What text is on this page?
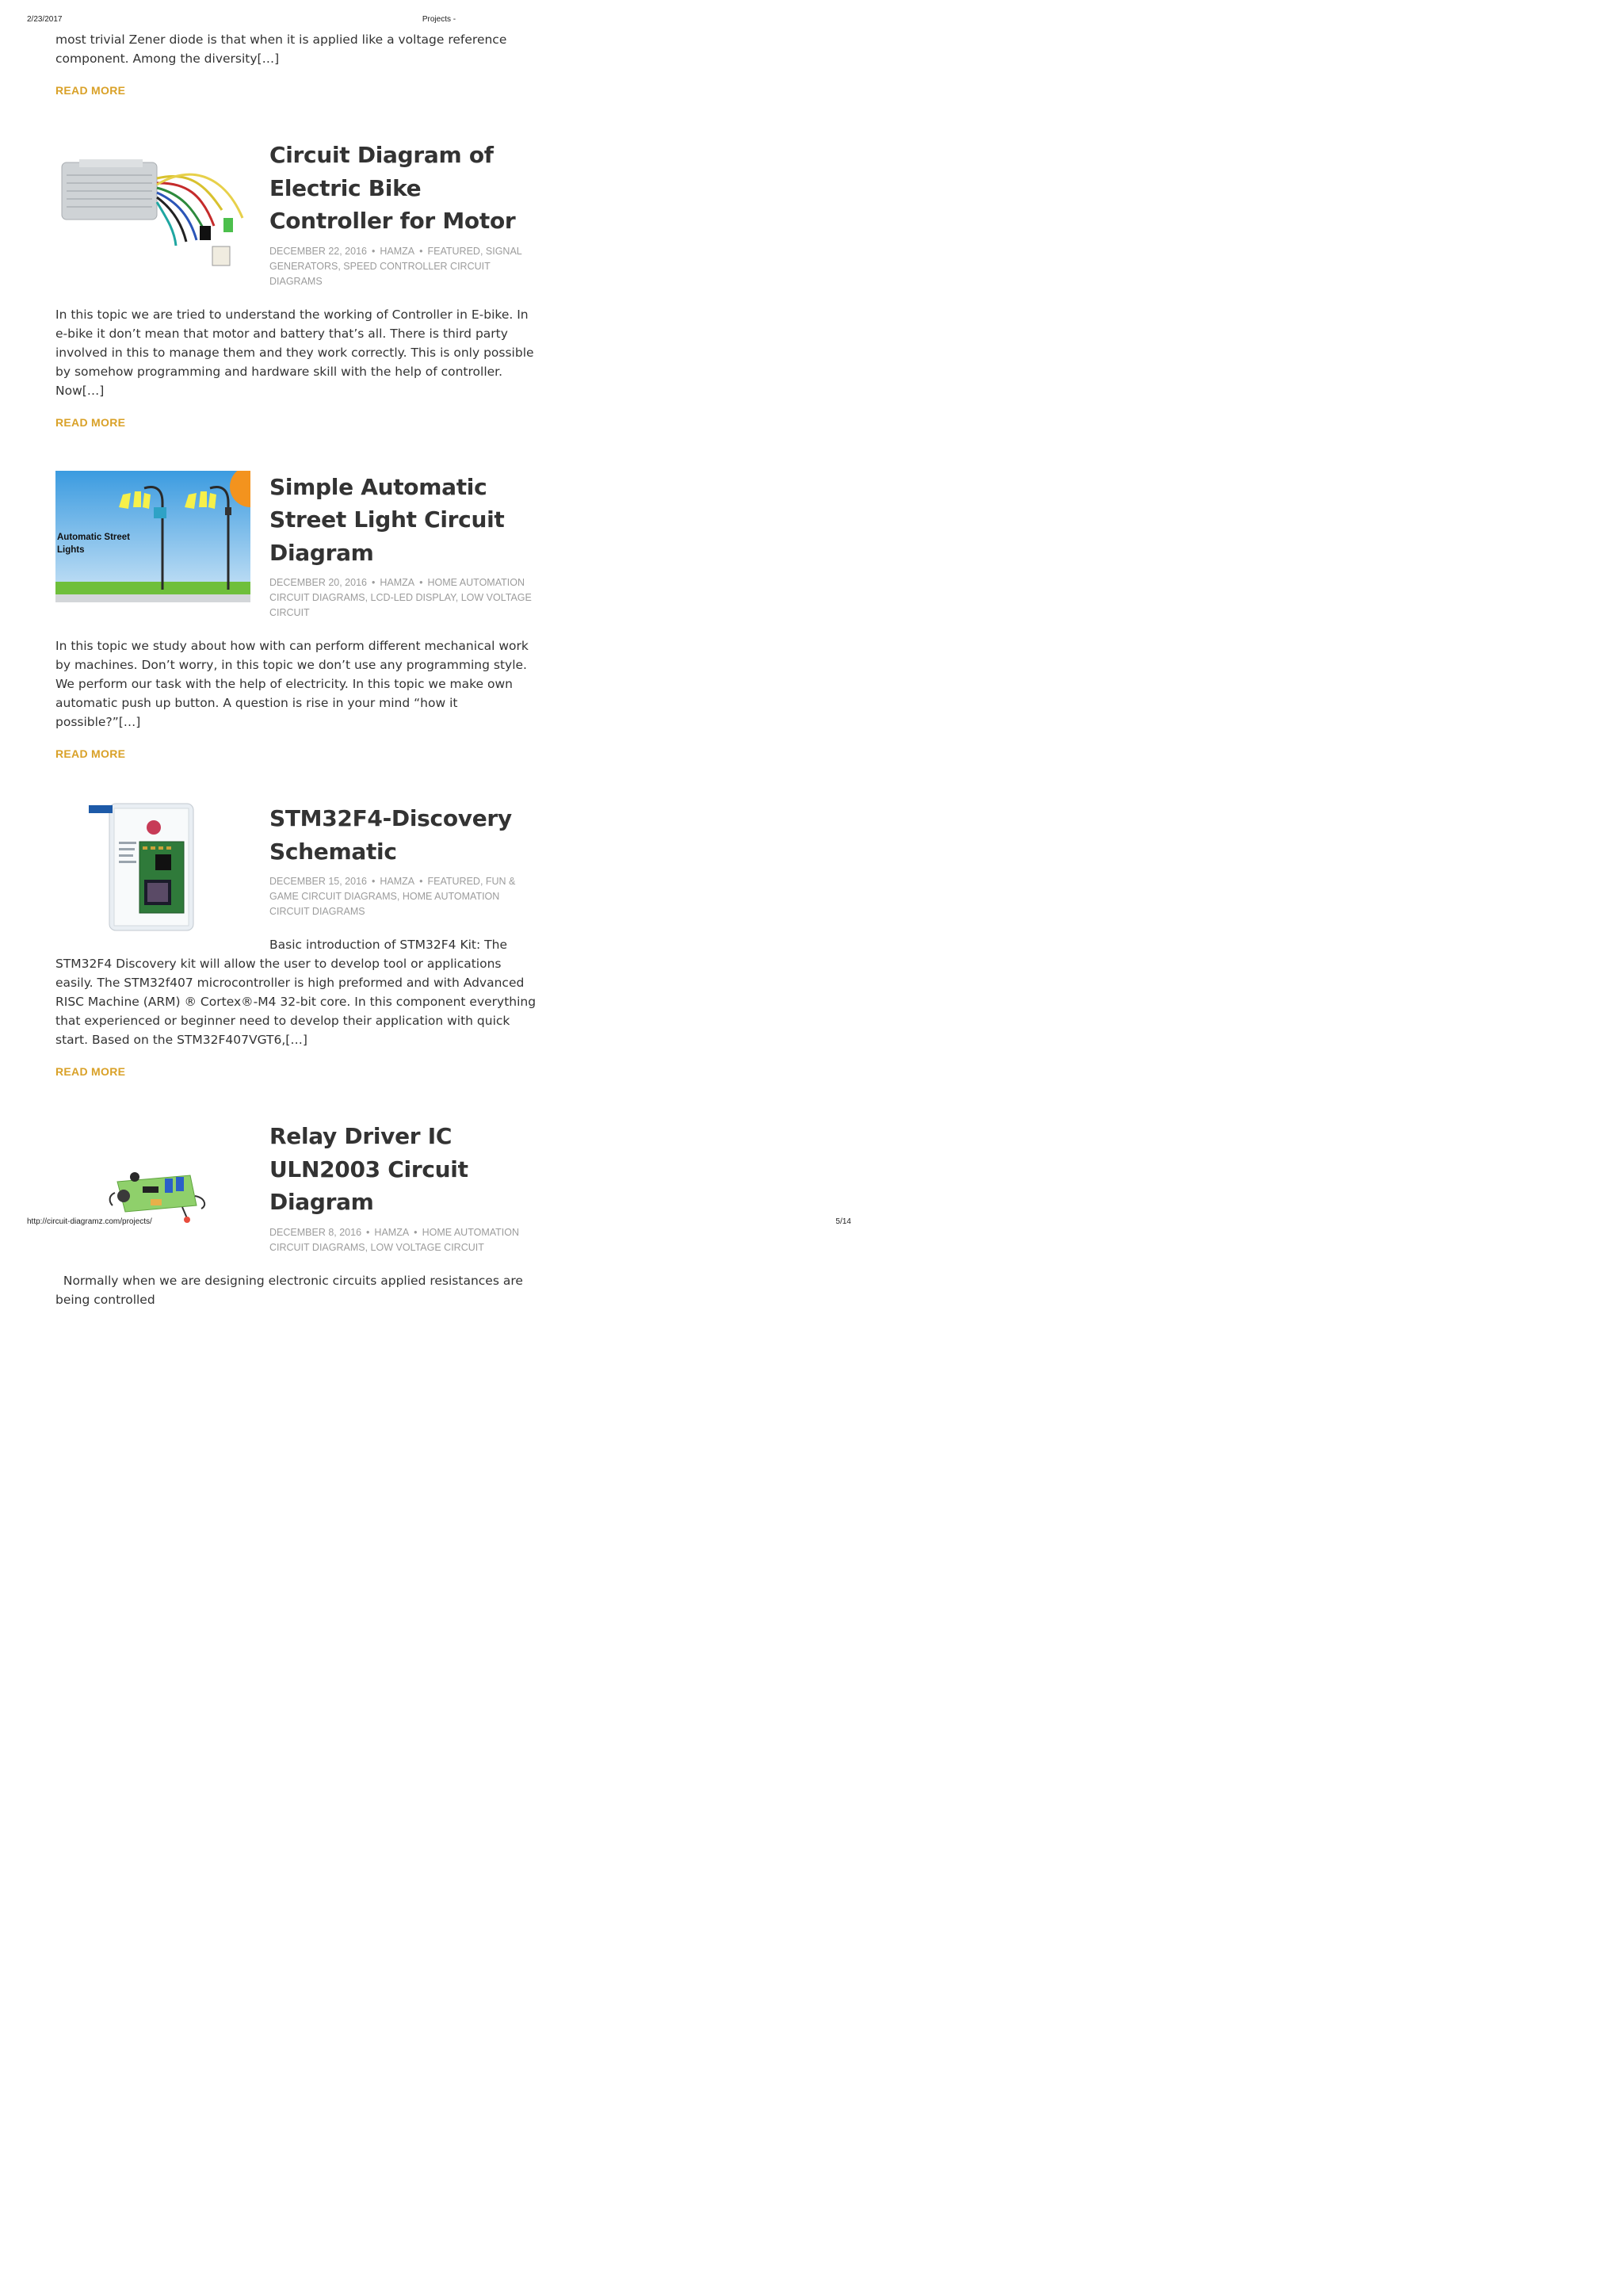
2/23/2017	Projects -

most trivial Zener diode is that when it is applied like a voltage reference component. Among the diversity[…]

READ MORE
Circuit Diagram of Electric Bike Controller for Motor
DECEMBER 22, 2016 • HAMZA • FEATURED, SIGNAL GENERATORS, SPEED CONTROLLER CIRCUIT DIAGRAMS

In this topic we are tried to understand the working of Controller in E-bike. In e-bike it don’t mean that motor and battery that’s all. There is third party involved in this to manage them and they work correctly. This is only possible by somehow programming and hardware skill with the help of controller. Now[…]

READ MORE
Automatic Street Lights
Simple Automatic Street Light Circuit Diagram
DECEMBER 20, 2016 • HAMZA • HOME AUTOMATION CIRCUIT DIAGRAMS, LCD-LED DISPLAY, LOW VOLTAGE CIRCUIT

In this topic we study about how with can perform different mechanical work by machines. Don’t worry, in this topic we don’t use any programming style. We perform our task with the help of electricity. In this topic we make own automatic push up button. A question is rise in your mind “how it possible?”[…]

READ MORE
STM32F4-Discovery Schematic
DECEMBER 15, 2016 • HAMZA • FEATURED, FUN & GAME CIRCUIT DIAGRAMS, HOME AUTOMATION CIRCUIT DIAGRAMS

Basic introduction of STM32F4 Kit: The STM32F4 Discovery kit will allow the user to develop tool or applications easily. The STM32f407 microcontroller is high preformed and with Advanced RISC Machine (ARM) ® Cortex®-M4 32-bit core. In this component everything that experienced or beginner need to develop their application with quick start. Based on the STM32F407VGT6,[…]

READ MORE
Relay Driver IC ULN2003 Circuit Diagram
DECEMBER 8, 2016 • HAMZA • HOME AUTOMATION CIRCUIT DIAGRAMS, LOW VOLTAGE CIRCUIT

Normally when we are designing electronic circuits applied resistances are being controlled

http://circuit-diagramz.com/projects/	5/14
